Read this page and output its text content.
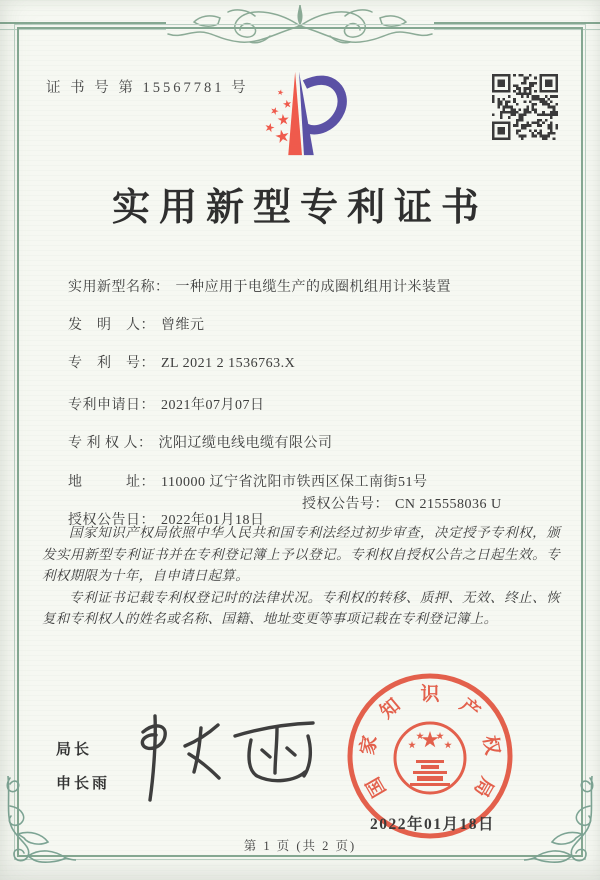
证 书 号 第 15567781 号
实用新型专利证书

实用新型名称： 一种应用于电缆生产的成圈机组用计米装置

发　明　人： 曾维元

专　利　号： ZL 2021 2 1536763.X

专利申请日： 2021年07月07日

专 利 权 人： 沈阳辽缆电线电缆有限公司

地　　　址： 110000 辽宁省沈阳市铁西区保工南街51号

授权公告日： 2022年01月18日

授权公告号： CN 215558036 U

国家知识产权局依照中华人民共和国专利法经过初步审查，决定授予专利权，颁发实用新型专利证书并在专利登记簿上予以登记。专利权自授权公告之日起生效。专利权期限为十年，自申请日起算。

专利证书记载专利权登记时的法律状况。专利权的转移、质押、无效、终止、恢复和专利权人的姓名或名称、国籍、地址变更等事项记载在专利登记簿上。

局长
申长雨	国
家
知
识
产
权
局
2022年01月18日
第 1 页 (共 2 页)
